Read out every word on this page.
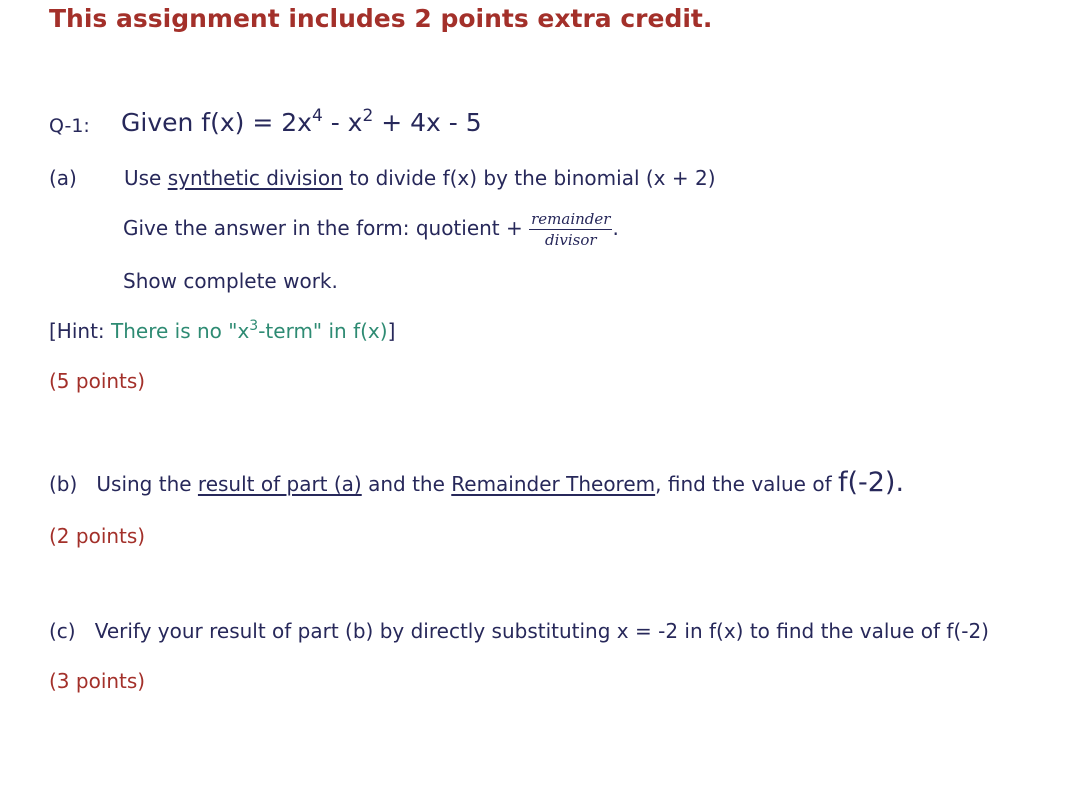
This assignment includes 2 points extra credit.
Q-1: Given $f(x) = 2x^4 - x^2 + 4x - 5$
(a) Use synthetic division to divide f(x) by the binomial (x + 2)
Give the answer in the form: quotient + $\frac{\text{remainder}}{\text{divisor}}$ .
Show complete work.
[Hint: There is no "$x^3$-term" in f(x)]
(5 points)
(b) Using the result of part (a) and the Remainder Theorem, find the value of f(-2).
(2 points)
(c) Verify your result of part (b) by directly substituting x = -2 in f(x) to find the value of f(-2)
(3 points)
